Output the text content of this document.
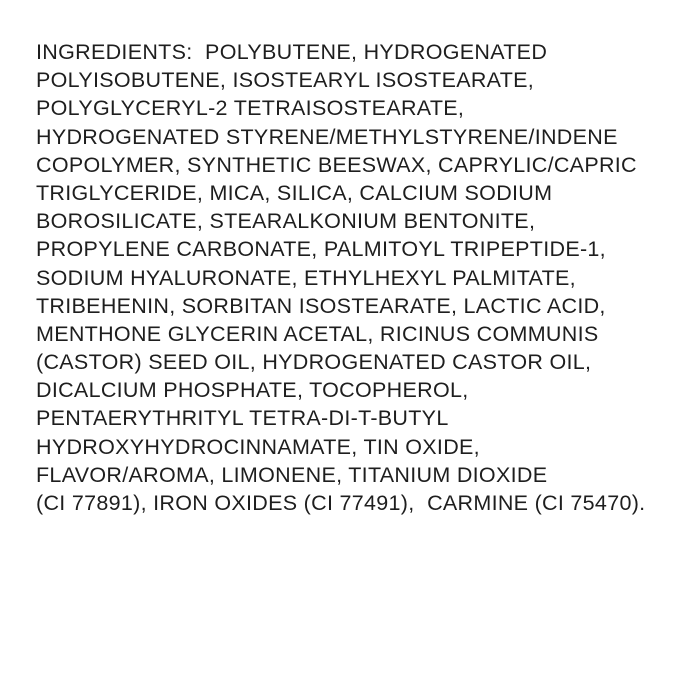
INGREDIENTS:  POLYBUTENE, HYDROGENATED
POLYISOBUTENE, ISOSTEARYL ISOSTEARATE,
POLYGLYCERYL-2 TETRAISOSTEARATE,
HYDROGENATED STYRENE/METHYLSTYRENE/INDENE
COPOLYMER, SYNTHETIC BEESWAX, CAPRYLIC/CAPRIC
TRIGLYCERIDE, MICA, SILICA, CALCIUM SODIUM
BOROSILICATE, STEARALKONIUM BENTONITE,
PROPYLENE CARBONATE, PALMITOYL TRIPEPTIDE-1,
SODIUM HYALURONATE, ETHYLHEXYL PALMITATE,
TRIBEHENIN, SORBITAN ISOSTEARATE, LACTIC ACID,
MENTHONE GLYCERIN ACETAL, RICINUS COMMUNIS
(CASTOR) SEED OIL, HYDROGENATED CASTOR OIL,
DICALCIUM PHOSPHATE, TOCOPHEROL,
PENTAERYTHRITYL TETRA-DI-T-BUTYL
HYDROXYHYDROCINNAMATE, TIN OXIDE,
FLAVOR/AROMA, LIMONENE, TITANIUM DIOXIDE
(CI 77891), IRON OXIDES (CI 77491),  CARMINE (CI 75470).
